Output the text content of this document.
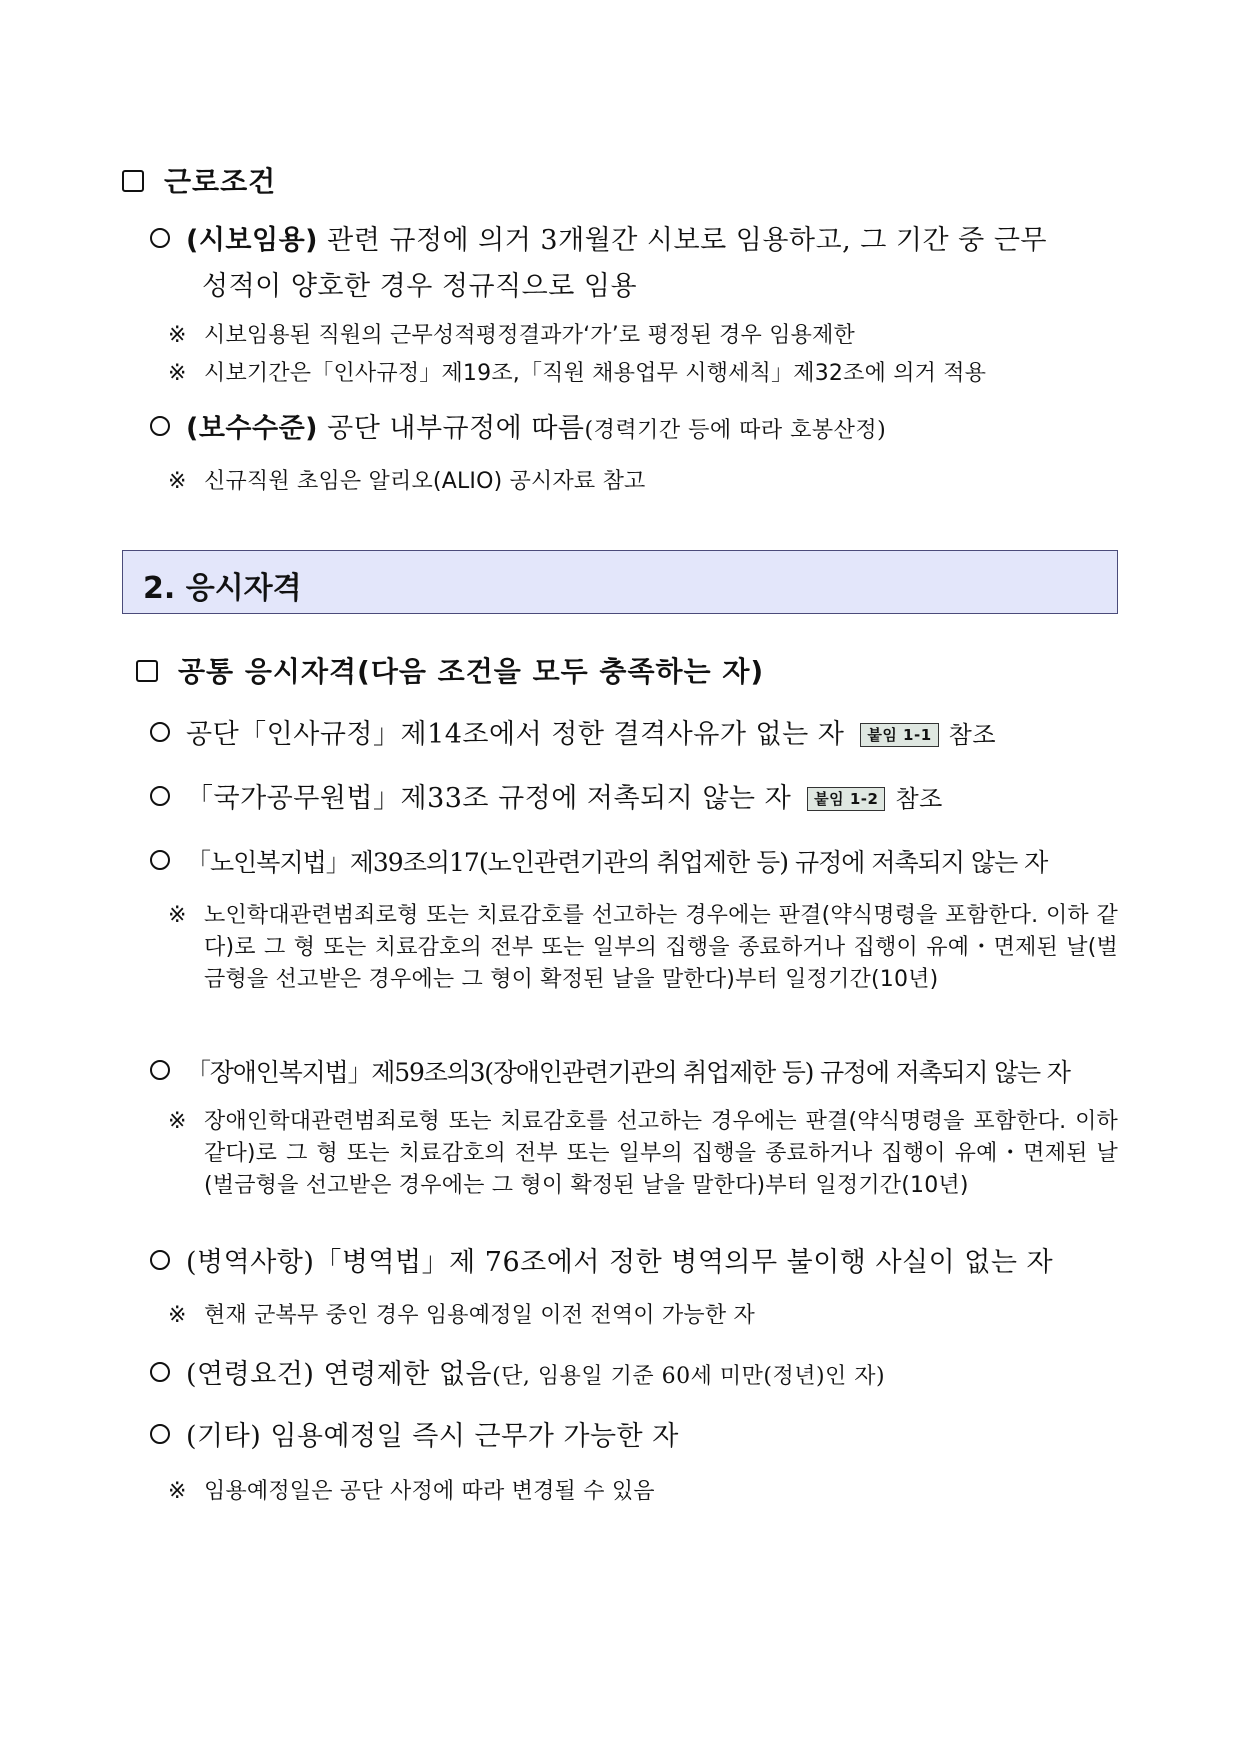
근로조건
(시보임용) 관련 규정에 의거 3개월간 시보로 임용하고, 그 기간 중 근무
성적이 양호한 경우 정규직으로 임용
※ 시보임용된 직원의 근무성적평정결과가‘가’로 평정된 경우 임용제한
※ 시보기간은「인사규정」제19조,「직원 채용업무 시행세칙」제32조에 의거 적용
(보수수준) 공단 내부규정에 따름(경력기간 등에 따라 호봉산정)
※ 신규직원 초임은 알리오(ALIO) 공시자료 참고
2. 응시자격
공통 응시자격(다음 조건을 모두 충족하는 자)
공단「인사규정」제14조에서 정한 결격사유가 없는 자 붙임 1-1 참조
「국가공무원법」제33조 규정에 저촉되지 않는 자 붙임 1-2 참조
「노인복지법」제39조의17(노인관련기관의 취업제한 등) 규정에 저촉되지 않는 자
※ 노인학대관련범죄로형 또는 치료감호를 선고하는 경우에는 판결(약식명령을 포함한다. 이하 같다)로 그 형 또는 치료감호의 전부 또는 일부의 집행을 종료하거나 집행이 유예・면제된 날(벌금형을 선고받은 경우에는 그 형이 확정된 날을 말한다)부터 일정기간(10년)
「장애인복지법」제59조의3(장애인관련기관의 취업제한 등) 규정에 저촉되지 않는 자
※ 장애인학대관련범죄로형 또는 치료감호를 선고하는 경우에는 판결(약식명령을 포함한다. 이하 같다)로 그 형 또는 치료감호의 전부 또는 일부의 집행을 종료하거나 집행이 유예・면제된 날(벌금형을 선고받은 경우에는 그 형이 확정된 날을 말한다)부터 일정기간(10년)
(병역사항)「병역법」제 76조에서 정한 병역의무 불이행 사실이 없는 자
※ 현재 군복무 중인 경우 임용예정일 이전 전역이 가능한 자
(연령요건) 연령제한 없음(단, 임용일 기준 60세 미만(정년)인 자)
(기타) 임용예정일 즉시 근무가 가능한 자
※ 임용예정일은 공단 사정에 따라 변경될 수 있음
